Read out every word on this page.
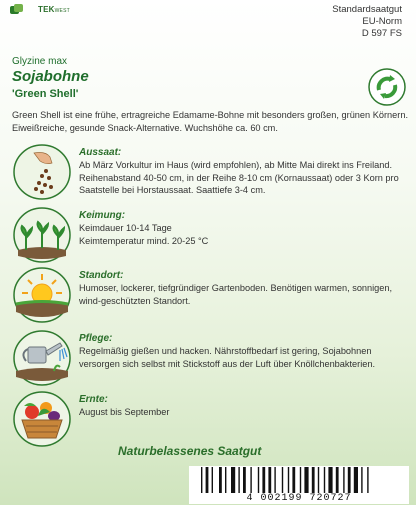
TEKWEST	Standardsaatgut
EU-Norm
D 597 FS
Glyzine max
Sojabohne
'Green Shell'
Green Shell ist eine frühe, ertragreiche Edamame-Bohne mit besonders großen, grünen Körnern. Eiweißreiche, gesunde Snack-Alternative. Wuchshöhe ca. 60 cm.
Aussaat:
Ab März Vorkultur im Haus (wird empfohlen), ab Mitte Mai direkt ins Freiland. Reihenabstand 40-50 cm, in der Reihe 8-10 cm (Kornaussaat) oder 3 Korn pro Saatstelle bei Horstaussaat. Saattiefe 3-4 cm.
Keimung:
Keimdauer 10-14 Tage
Keimtemperatur mind. 20-25 °C
Standort:
Humoser, lockerer, tiefgründiger Gartenboden. Benötigen warmen, sonnigen, wind-geschützten Standort.
Pflege:
Regelmäßig gießen und hacken. Nährstoffbedarf ist gering, Sojabohnen versorgen sich selbst mit Stickstoff aus der Luft über Knöllchenbakterien.
Ernte:
August bis September
Naturbelassenes Saatgut
4 002199 720727
